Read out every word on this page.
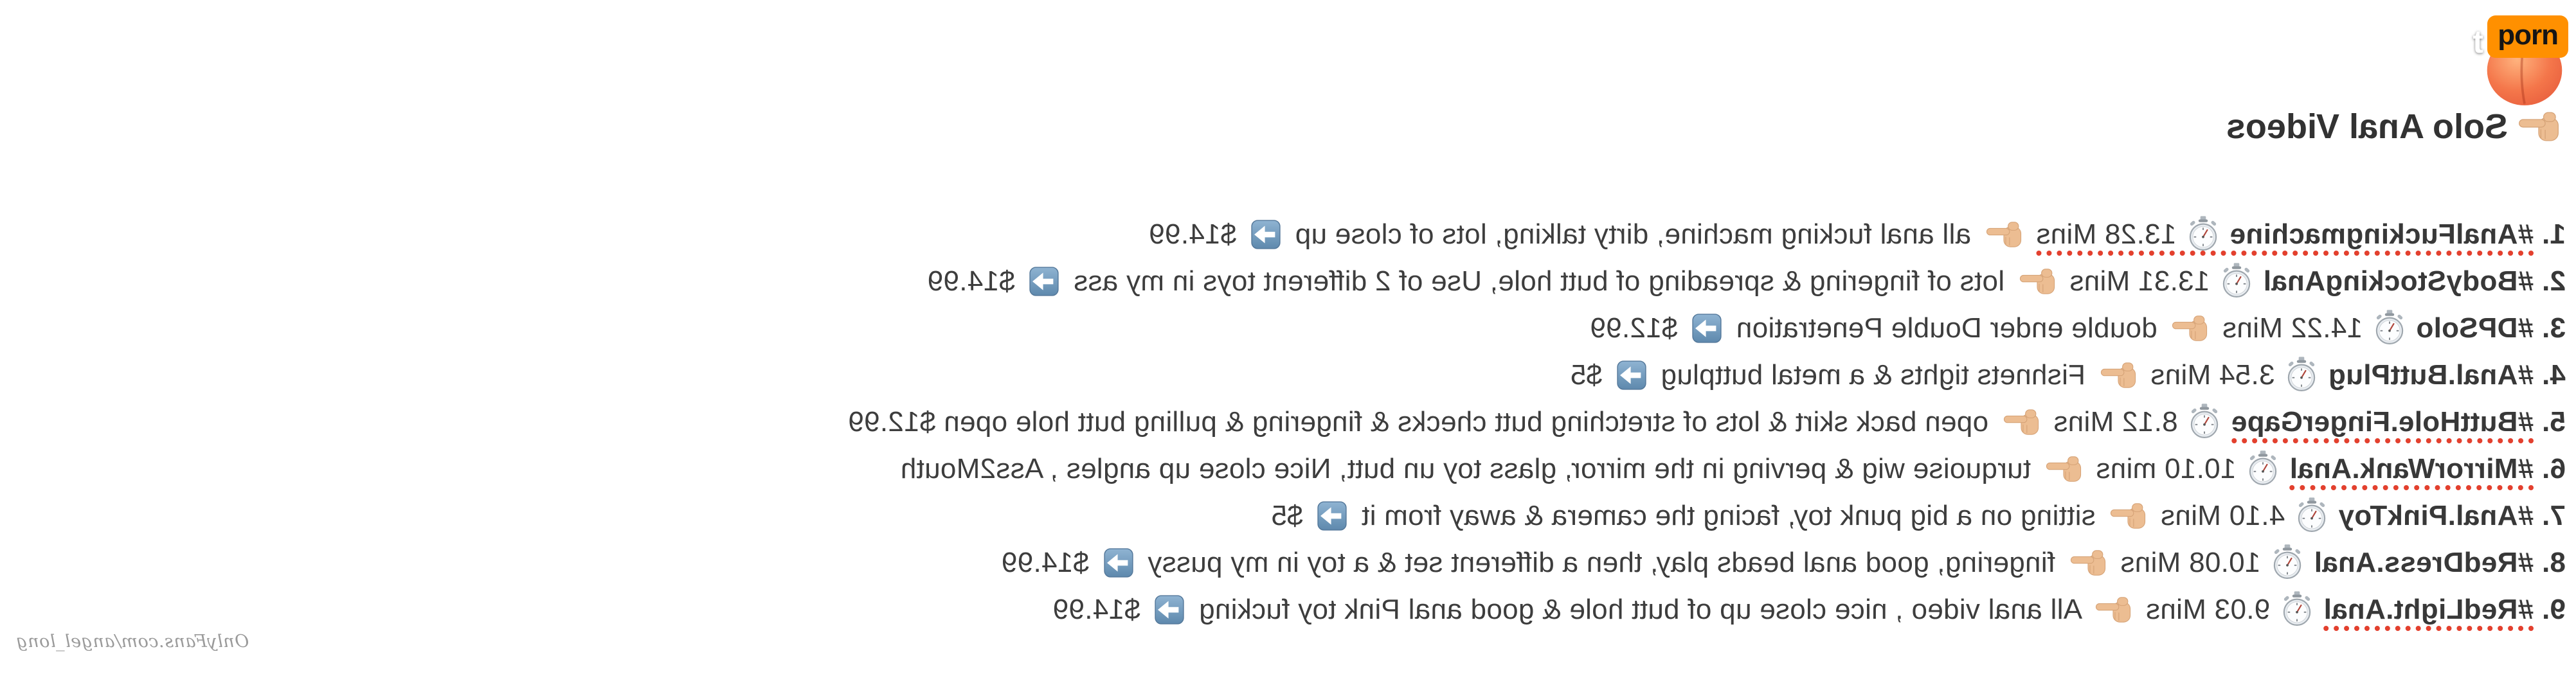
Solo Anal Videos
1. #AnalFuckingmachine  13.28 Mins  all anal fucking machine, dirty talking, lots of close up  $14.99
2. #BodyStockingAnal  13.31 Mins  lots of fingering & spreading of butt hole, Use of 2 different toys in my ass  $14.99
3. #DPSolo  14.22 Mins  double ender Double Penetration  $12.99
4. #Anal.ButtPlug  3.54 Mins  Fishnets tights & a metal buttplug  $5
5. #ButtHole.FingerGape  8.12 Mins  open back skirt & lots of stretching butt checks & fingering & pulling butt hole open $12.99
6. #MirrorWank.Anal  10.10 mins  turquoise wig & perving in the mirror, glass toy un butt, Nice close up angles , Ass2Mouth
7. #Anal.PinkToy  4.10 Mins  sitting on a big punk toy, facing the camera & away from it  $5
8. #RedDress.Anal  10.08 Mins  fingering, good anal beads play, then a different set & a toy in my pussy  $14.99
9. #RedLight.Anal  9.03 Mins  All anal video , nice close up of butt hole & good anal Pink toy fucking  $14.99
OnlyFans.com/angel_long
t porn
